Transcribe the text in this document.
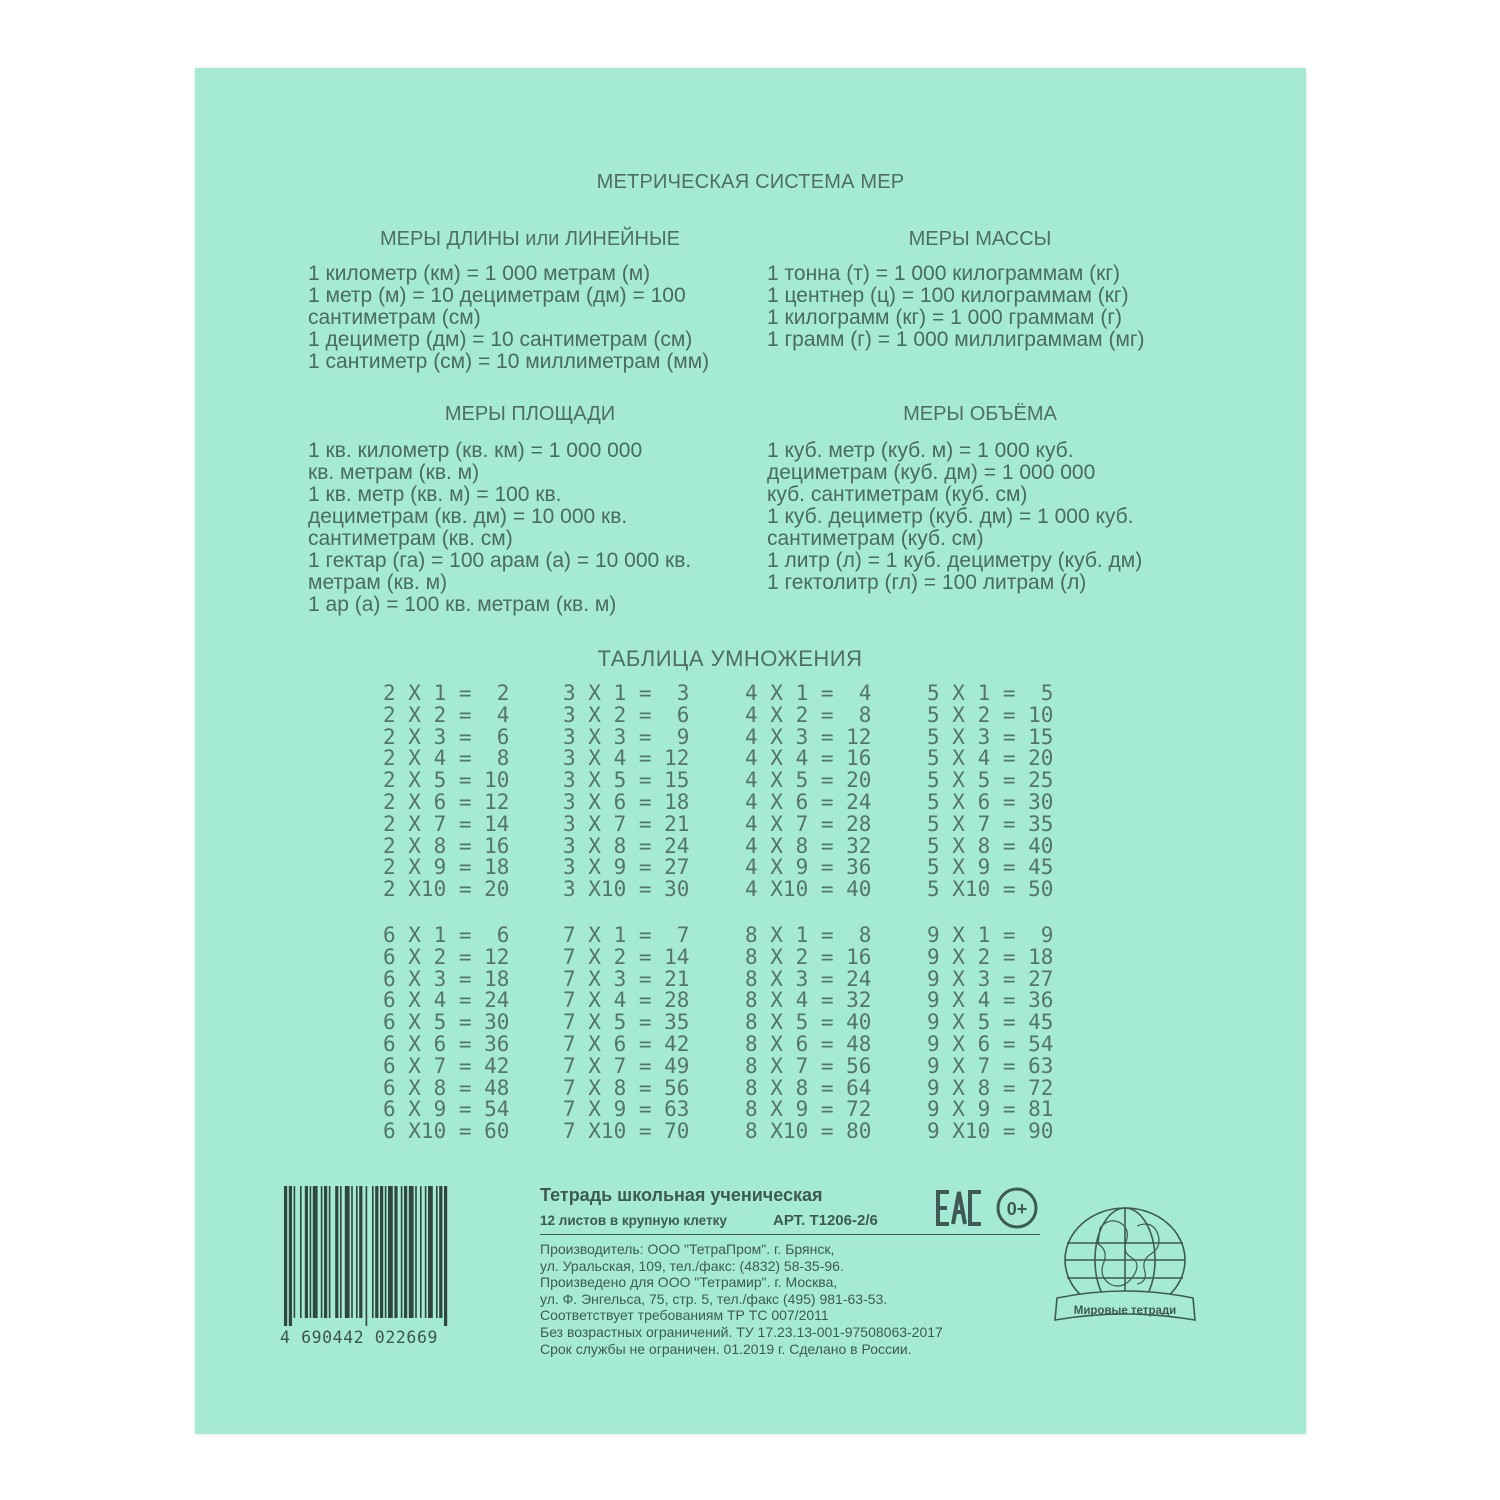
МЕТРИЧЕСКАЯ СИСТЕМА МЕР
МЕРЫ ДЛИНЫ или ЛИНЕЙНЫЕ
1 километр (км) = 1 000 метрам (м)
1 метр (м) = 10 дециметрам (дм) = 100
сантиметрам (см)
1 дециметр (дм) = 10 сантиметрам (см)
1 сантиметр (см) = 10 миллиметрам (мм)
МЕРЫ МАССЫ
1 тонна (т) = 1 000 килограммам (кг)
1 центнер (ц) = 100 килограммам (кг)
1 килограмм (кг) = 1 000 граммам (г)
1 грамм (г) = 1 000 миллиграммам (мг)
МЕРЫ ПЛОЩАДИ
1 кв. километр (кв. км) = 1 000 000
кв. метрам (кв. м)
1 кв. метр (кв. м) = 100 кв.
дециметрам (кв. дм) = 10 000 кв.
сантиметрам (кв. см)
1 гектар (га) = 100 арам (а) = 10 000 кв.
метрам (кв. м)
1 ар (а) = 100 кв. метрам (кв. м)
МЕРЫ ОБЪЁМА
1 куб. метр (куб. м) = 1 000 куб.
дециметрам (куб. дм) = 1 000 000
куб. сантиметрам (куб. см)
1 куб. дециметр (куб. дм) = 1 000 куб.
сантиметрам (куб. см)
1 литр (л) = 1 куб. дециметру (куб. дм)
1 гектолитр (гл) = 100 литрам (л)
ТАБЛИЦА УМНОЖЕНИЯ
2 X 1 =  2
2 X 2 =  4
2 X 3 =  6
2 X 4 =  8
2 X 5 = 10
2 X 6 = 12
2 X 7 = 14
2 X 8 = 16
2 X 9 = 18
2 X10 = 20
3 X 1 =  3
3 X 2 =  6
3 X 3 =  9
3 X 4 = 12
3 X 5 = 15
3 X 6 = 18
3 X 7 = 21
3 X 8 = 24
3 X 9 = 27
3 X10 = 30
4 X 1 =  4
4 X 2 =  8
4 X 3 = 12
4 X 4 = 16
4 X 5 = 20
4 X 6 = 24
4 X 7 = 28
4 X 8 = 32
4 X 9 = 36
4 X10 = 40
5 X 1 =  5
5 X 2 = 10
5 X 3 = 15
5 X 4 = 20
5 X 5 = 25
5 X 6 = 30
5 X 7 = 35
5 X 8 = 40
5 X 9 = 45
5 X10 = 50
6 X 1 =  6
6 X 2 = 12
6 X 3 = 18
6 X 4 = 24
6 X 5 = 30
6 X 6 = 36
6 X 7 = 42
6 X 8 = 48
6 X 9 = 54
6 X10 = 60
7 X 1 =  7
7 X 2 = 14
7 X 3 = 21
7 X 4 = 28
7 X 5 = 35
7 X 6 = 42
7 X 7 = 49
7 X 8 = 56
7 X 9 = 63
7 X10 = 70
8 X 1 =  8
8 X 2 = 16
8 X 3 = 24
8 X 4 = 32
8 X 5 = 40
8 X 6 = 48
8 X 7 = 56
8 X 8 = 64
8 X 9 = 72
8 X10 = 80
9 X 1 =  9
9 X 2 = 18
9 X 3 = 27
9 X 4 = 36
9 X 5 = 45
9 X 6 = 54
9 X 7 = 63
9 X 8 = 72
9 X 9 = 81
9 X10 = 90
4 690442 022669
Тетрадь школьная ученическая
12 листов в крупную клетку	АРТ. Т1206-2/6
Производитель: ООО "ТетраПром". г. Брянск,
ул. Уральская, 109, тел./факс: (4832) 58-35-96.
Произведено для ООО "Тетрамир". г. Москва,
ул. Ф. Энгельса, 75, стр. 5, тел./факс (495) 981-63-53.
Соответствует требованиям ТР ТС 007/2011
Без возрастных ограничений. ТУ 17.23.13-001-97508063-2017
Срок службы не ограничен. 01.2019 г. Сделано в России.
0+
Мировые тетради
